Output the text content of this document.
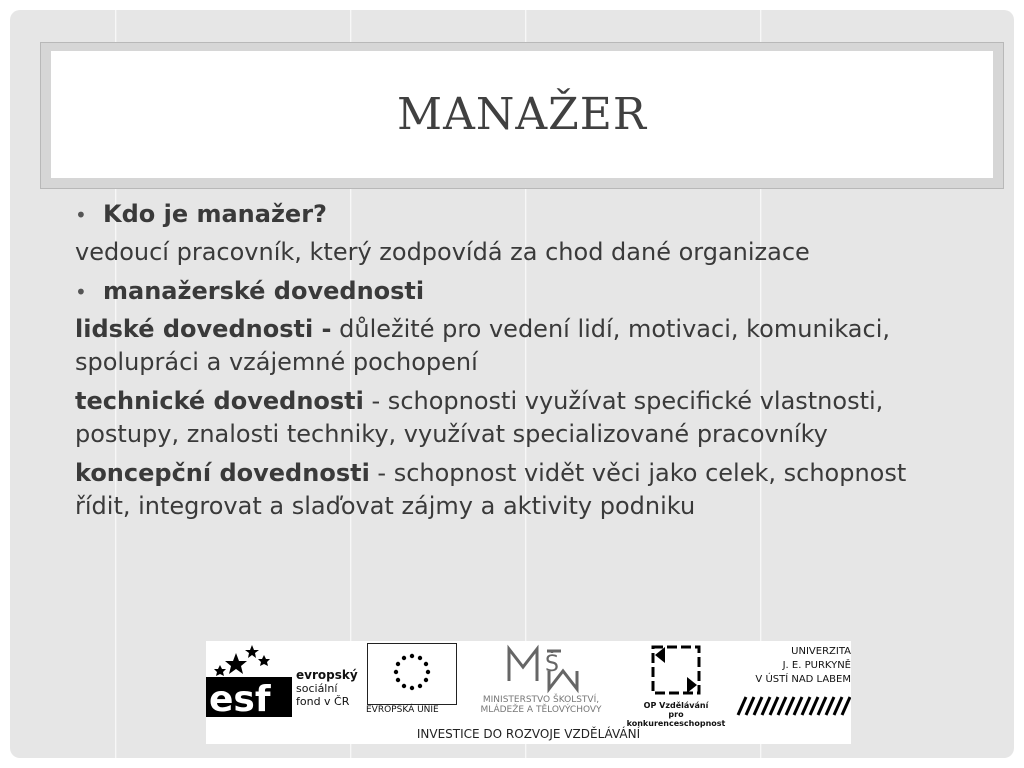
MANAŽER

• Kdo je manažer?

vedoucí pracovník, který zodpovídá za chod dané organizace

• manažerské dovednosti

lidské dovednosti - důležité pro vedení lidí, motivaci, komunikaci, spolupráci a vzájemné pochopení

technické dovednosti - schopnosti využívat specifické vlastnosti, postupy, znalosti techniky, využívat specializované pracovníky

koncepční dovednosti - schopnost vidět věci jako celek, schopnost řídit, integrovat a slaďovat zájmy a aktivity podniku

esf
evropský
sociální
fond v ČR
EVROPSKÁ UNIE
Š
MINISTERSTVO ŠKOLSTVÍ,
MLÁDEŽE A TĚLOVÝCHOVY	OP Vzdělávání
pro konkurenceschopnost
UNIVERZITA
J. E. PURKYNĚ
V ÚSTÍ NAD LABEM
INVESTICE DO ROZVOJE VZDĚLÁVÁNÍ
